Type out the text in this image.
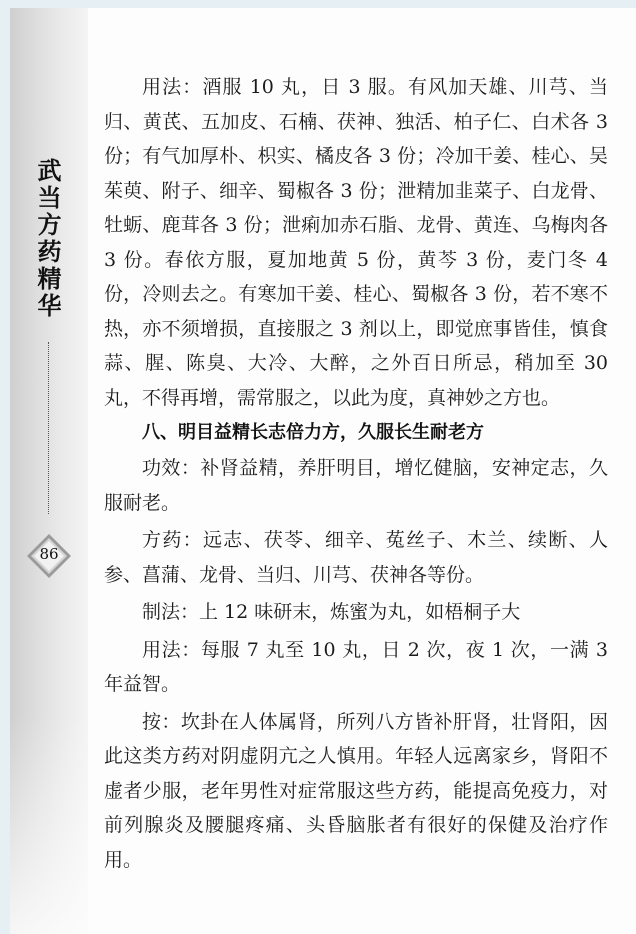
武当方药精华
86

用法：酒服 10 丸，日 3 服。有风加天雄、川芎、当归、黄芪、五加皮、石楠、茯神、独活、柏子仁、白术各 3 份；有气加厚朴、枳实、橘皮各 3 份；冷加干姜、桂心、吴茱萸、附子、细辛、蜀椒各 3 份；泄精加韭菜子、白龙骨、牡蛎、鹿茸各 3 份；泄痢加赤石脂、龙骨、黄连、乌梅肉各 3 份。春依方服，夏加地黄 5 份，黄芩 3 份，麦门冬 4 份，冷则去之。有寒加干姜、桂心、蜀椒各 3 份，若不寒不热，亦不须增损，直接服之 3 剂以上，即觉庶事皆佳，慎食蒜、腥、陈臭、大冷、大醉，之外百日所忌，稍加至 30 丸，不得再增，需常服之，以此为度，真神妙之方也。

八、明目益精长志倍力方，久服长生耐老方

功效：补肾益精，养肝明目，增忆健脑，安神定志，久服耐老。

方药：远志、茯苓、细辛、菟丝子、木兰、续断、人参、菖蒲、龙骨、当归、川芎、茯神各等份。

制法：上 12 味研末，炼蜜为丸，如梧桐子大

用法：每服 7 丸至 10 丸，日 2 次，夜 1 次，一满 3 年益智。

按：坎卦在人体属肾，所列八方皆补肝肾，壮肾阳，因此这类方药对阴虚阴亢之人慎用。年轻人远离家乡，肾阳不虚者少服，老年男性对症常服这些方药，能提高免疫力，对前列腺炎及腰腿疼痛、头昏脑胀者有很好的保健及治疗作用。
